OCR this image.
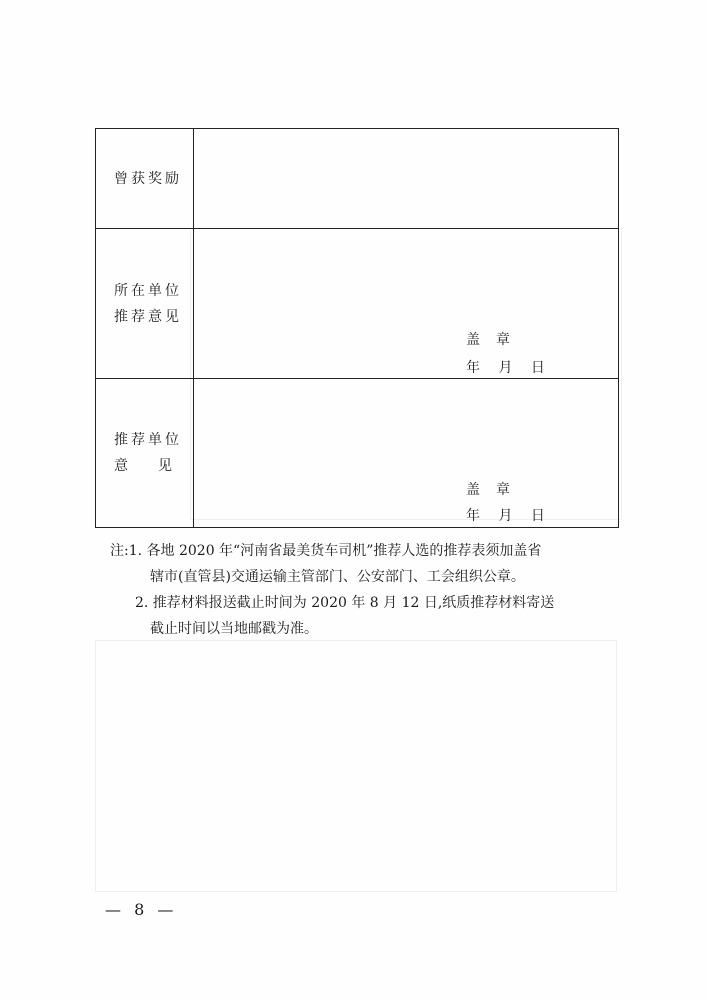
曾获奖励
所在单位
推荐意见
盖章
年 月 日
推荐单位
意 见
盖章
年 月 日
注:1. 各地 2020 年“河南省最美货车司机”推荐人选的推荐表须加盖省
辖市(直管县)交通运输主管部门、公安部门、工会组织公章。
2. 推荐材料报送截止时间为 2020 年 8 月 12 日,纸质推荐材料寄送
截止时间以当地邮戳为准。
— 8 —
